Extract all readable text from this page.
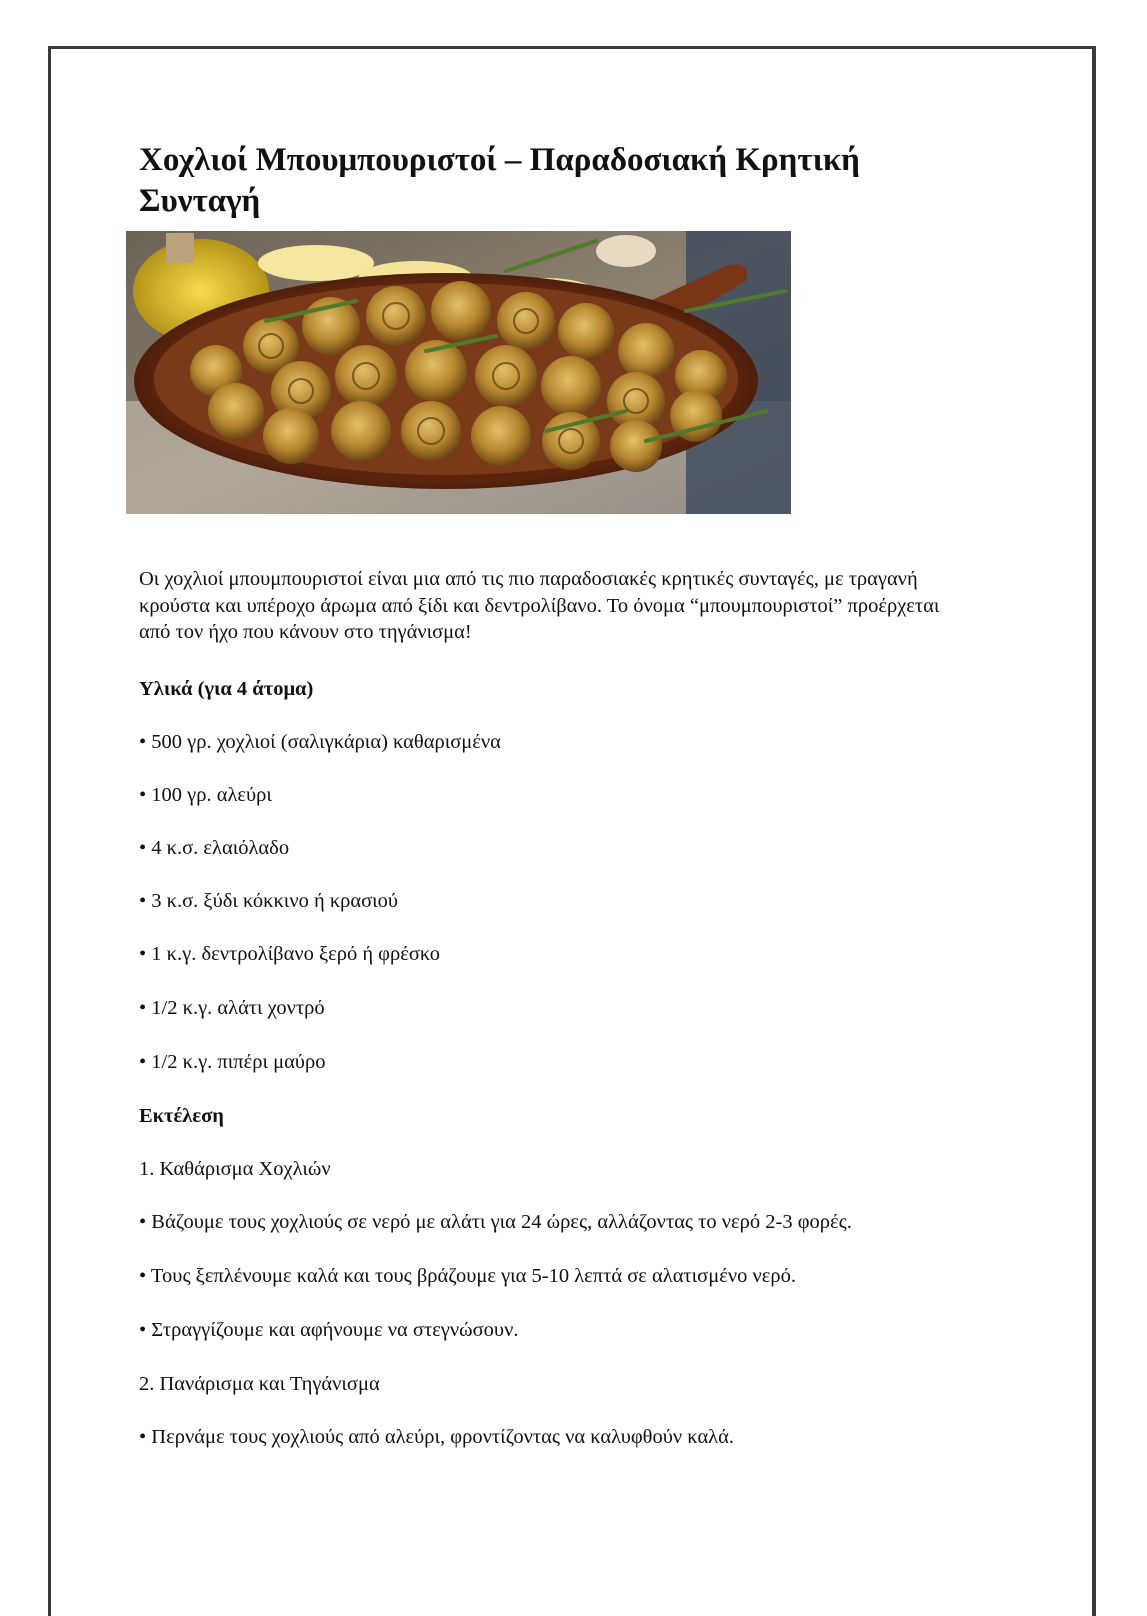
Χοχλιοί Μπουμπουριστοί – Παραδοσιακή Κρητική Συνταγή

Οι χοχλιοί μπουμπουριστοί είναι μια από τις πιο παραδοσιακές κρητικές συνταγές, με τραγανή κρούστα και υπέροχο άρωμα από ξίδι και δεντρολίβανο. Το όνομα “μπουμπουριστοί” προέρχεται από τον ήχο που κάνουν στο τηγάνισμα!

Υλικά (για 4 άτομα)

• 500 γρ. χοχλιοί (σαλιγκάρια) καθαρισμένα

• 100 γρ. αλεύρι

• 4 κ.σ. ελαιόλαδο

• 3 κ.σ. ξύδι κόκκινο ή κρασιού

• 1 κ.γ. δεντρολίβανο ξερό ή φρέσκο

• 1/2 κ.γ. αλάτι χοντρό

• 1/2 κ.γ. πιπέρι μαύρο

Εκτέλεση

1. Καθάρισμα Χοχλιών

• Βάζουμε τους χοχλιούς σε νερό με αλάτι για 24 ώρες, αλλάζοντας το νερό 2-3 φορές.

• Τους ξεπλένουμε καλά και τους βράζουμε για 5-10 λεπτά σε αλατισμένο νερό.

• Στραγγίζουμε και αφήνουμε να στεγνώσουν.

2. Πανάρισμα και Τηγάνισμα

• Περνάμε τους χοχλιούς από αλεύρι, φροντίζοντας να καλυφθούν καλά.
